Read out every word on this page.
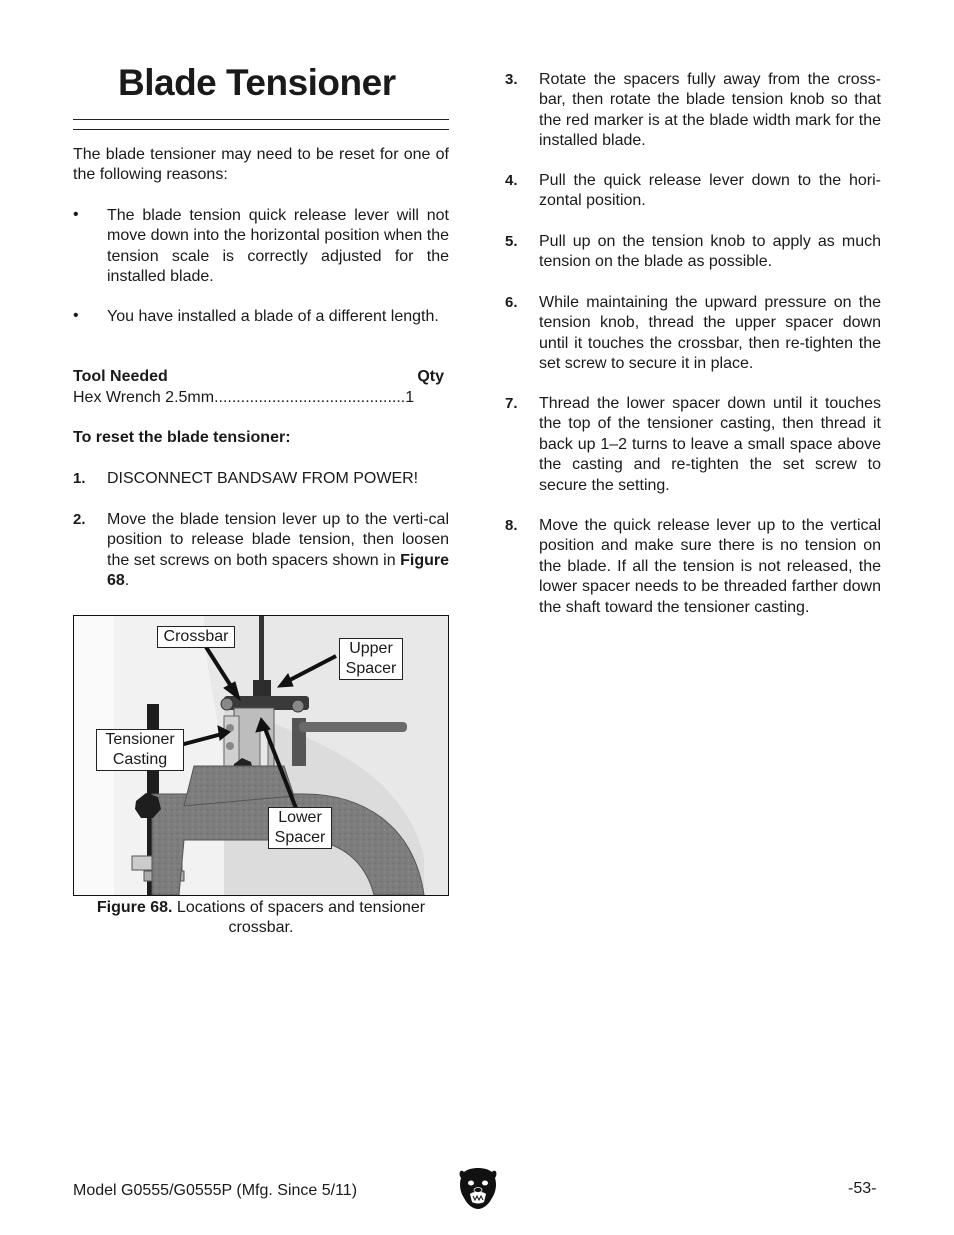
Blade Tensioner

The blade tensioner may need to be reset for one of the following reasons:

• The blade tension quick release lever will not move down into the horizontal position when the tension scale is correctly adjusted for the installed blade.
• You have installed a blade of a different length.
Tool Needed	Qty
Hex Wrench 2.5mm...........................................1
To reset the blade tensioner:
1. DISCONNECT BANDSAW FROM POWER!
2. Move the blade tension lever up to the verti-cal position to release blade tension, then loosen the set screws on both spacers shown in Figure 68.
Crossbar
Upper
Spacer
Tensioner
Casting
Lower
Spacer
Figure 68. Locations of spacers and tensioner crossbar.
3. Rotate the spacers fully away from the cross-bar, then rotate the blade tension knob so that the red marker is at the blade width mark for the installed blade.
4. Pull the quick release lever down to the hori-zontal position.
5. Pull up on the tension knob to apply as much tension on the blade as possible.
6. While maintaining the upward pressure on the tension knob, thread the upper spacer down until it touches the crossbar, then re-tighten the set screw to secure it in place.
7. Thread the lower spacer down until it touches the top of the tensioner casting, then thread it back up 1–2 turns to leave a small space above the casting and re-tighten the set screw to secure the setting.
8. Move the quick release lever up to the vertical position and make sure there is no tension on the blade. If all the tension is not released, the lower spacer needs to be threaded farther down the shaft toward the tensioner casting.
Model G0555/G0555P (Mfg. Since 5/11)	-53-
